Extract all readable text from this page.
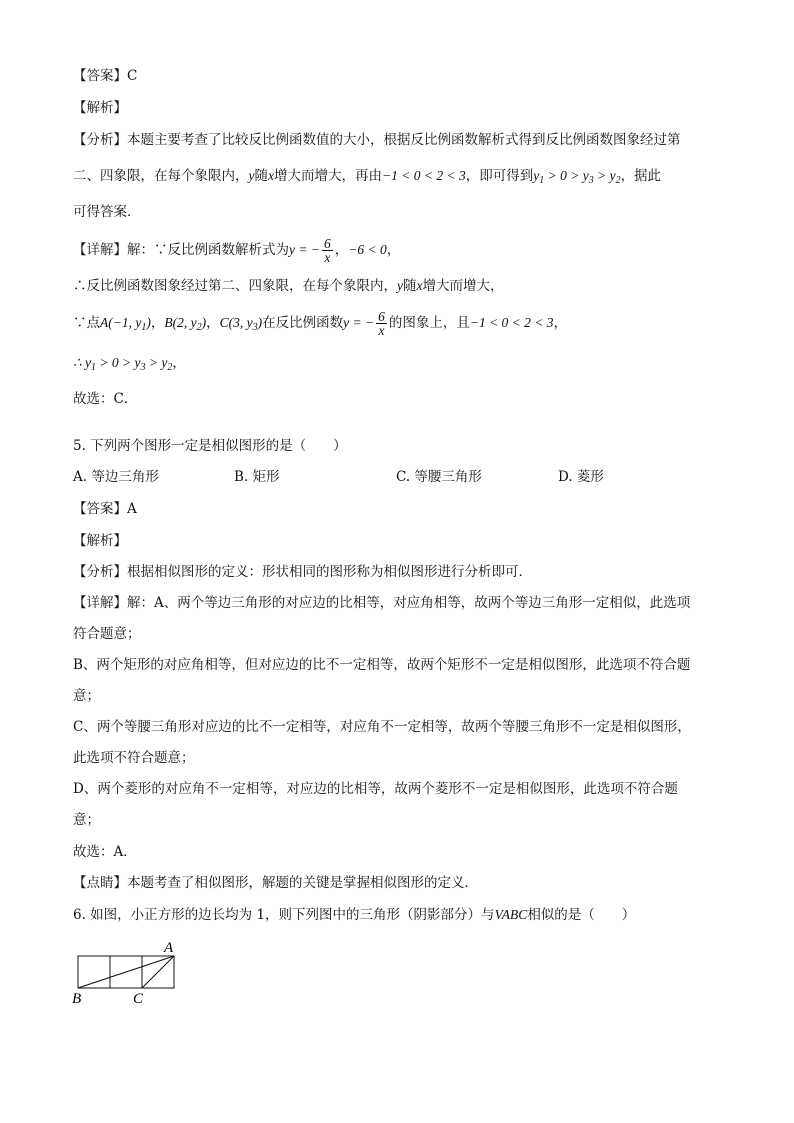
【答案】C
【解析】
【分析】本题主要考查了比较反比例函数值的大小，根据反比例函数解析式得到反比例函数图象经过第
二、四象限，在每个象限内，y随x增大而增大，再由−1 < 0 < 2 < 3，即可得到$y_1 > 0 > y_3 > y_2$，据此
可得答案．
【详解】解：∵反比例函数解析式为y = − $\frac{6}{x}$ ，−6 < 0，
∴反比例函数图象经过第二、四象限，在每个象限内，y随x增大而增大，
∵点A(−1, $y_1$)，B(2, $y_2$)，C(3, $y_3$)在反比例函数y = − $\frac{6}{x}$ 的图象上，且−1 < 0 < 2 < 3，
∴ $y_1 > 0 > y_3 > y_2$，
故选：C．
5. 下列两个图形一定是相似图形的是（　　）
A. 等边三角形	B. 矩形	C. 等腰三角形	D. 菱形
【答案】A
【解析】
【分析】根据相似图形的定义：形状相同的图形称为相似图形进行分析即可．
【详解】解：A、两个等边三角形的对应边的比相等，对应角相等，故两个等边三角形一定相似，此选项
符合题意；
B、两个矩形的对应角相等，但对应边的比不一定相等，故两个矩形不一定是相似图形，此选项不符合题
意；
C、两个等腰三角形对应边的比不一定相等，对应角不一定相等，故两个等腰三角形不一定是相似图形，
此选项不符合题意；
D、两个菱形的对应角不一定相等，对应边的比相等，故两个菱形不一定是相似图形，此选项不符合题
意；
故选：A．
【点睛】本题考查了相似图形，解题的关键是掌握相似图形的定义．
6. 如图，小正方形的边长均为 1，则下列图中的三角形（阴影部分）与VABC相似的是（　　）
A
B	C
